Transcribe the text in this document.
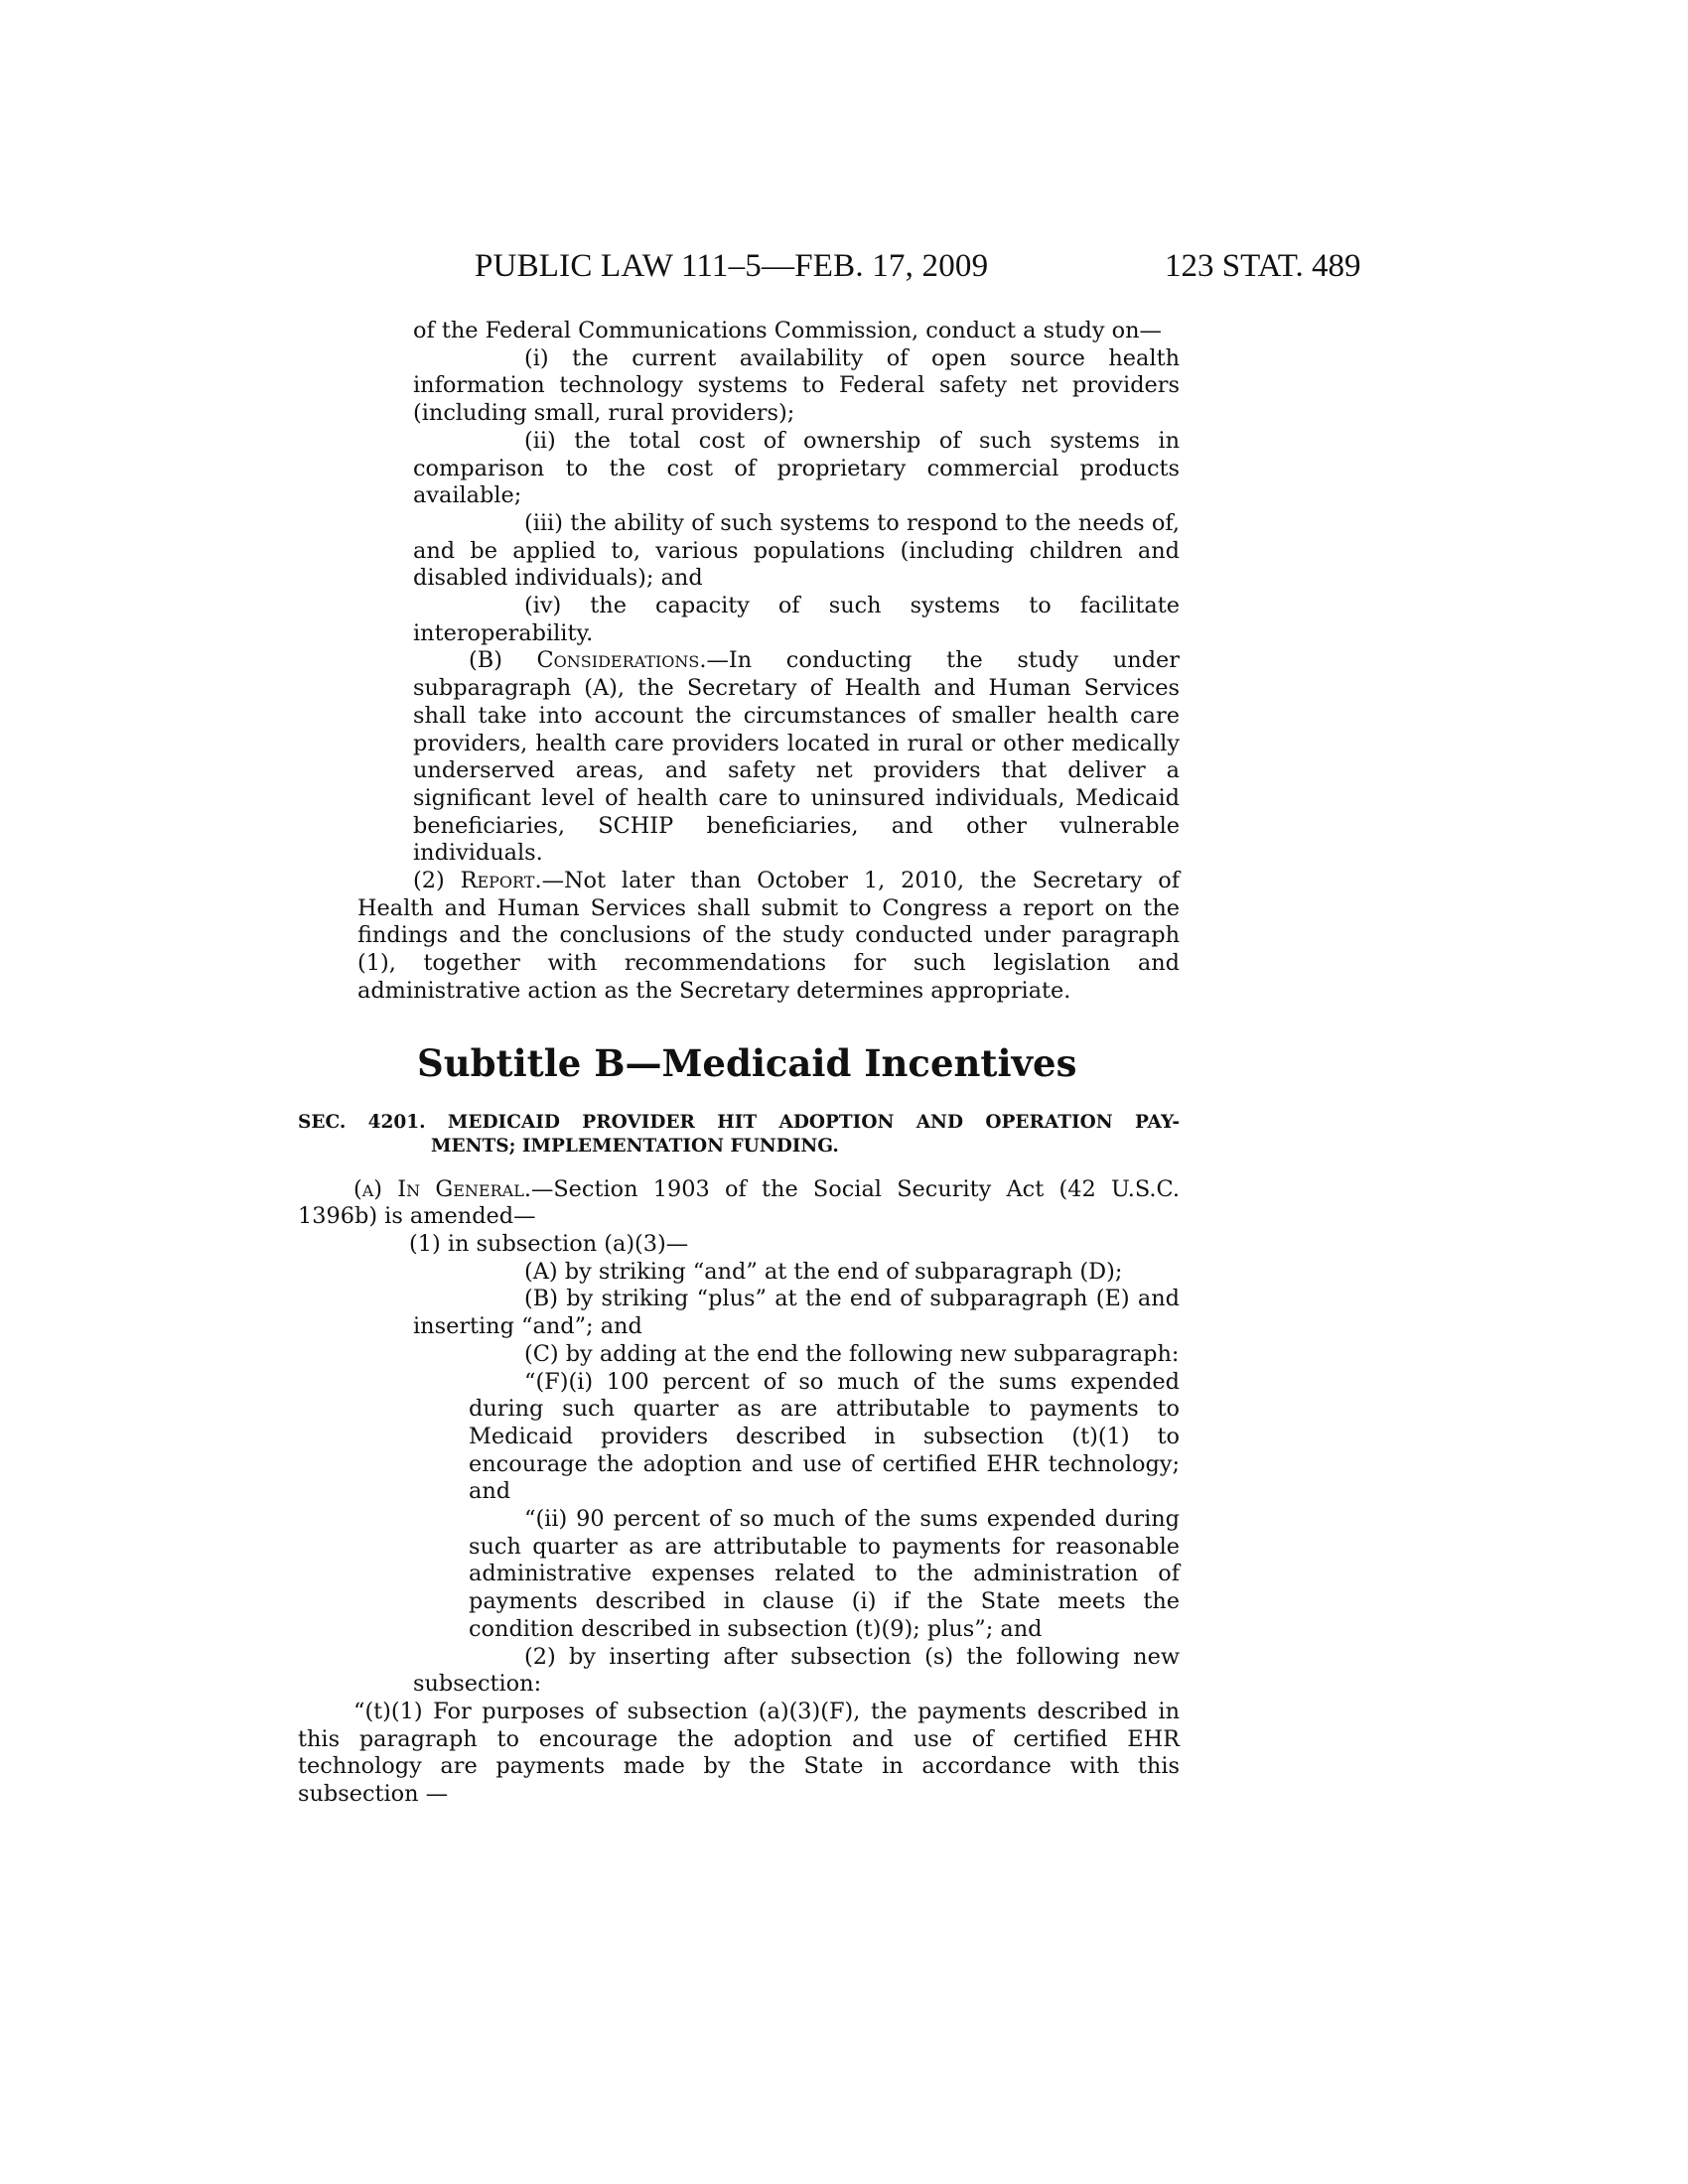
PUBLIC LAW 111–5—FEB. 17, 2009	123 STAT. 489

of the Federal Communications Commission, conduct a study on—

(i) the current availability of open source health information technology systems to Federal safety net providers (including small, rural providers);

(ii) the total cost of ownership of such systems in comparison to the cost of proprietary commercial products available;

(iii) the ability of such systems to respond to the needs of, and be applied to, various populations (including children and disabled individuals); and

(iv) the capacity of such systems to facilitate interoperability.

(B) Considerations.—In conducting the study under subparagraph (A), the Secretary of Health and Human Services shall take into account the circumstances of smaller health care providers, health care providers located in rural or other medically underserved areas, and safety net providers that deliver a significant level of health care to uninsured individuals, Medicaid beneficiaries, SCHIP beneficiaries, and other vulnerable individuals.

(2) Report.—Not later than October 1, 2010, the Secretary of Health and Human Services shall submit to Congress a report on the findings and the conclusions of the study conducted under paragraph (1), together with recommendations for such legislation and administrative action as the Secretary determines appropriate.

Subtitle B—Medicaid Incentives
SEC. 4201. MEDICAID PROVIDER HIT ADOPTION AND OPERATION PAY-
MENTS; IMPLEMENTATION FUNDING.

(a) In General.—Section 1903 of the Social Security Act (42 U.S.C. 1396b) is amended—

(1) in subsection (a)(3)—

(A) by striking “and” at the end of subparagraph (D);

(B) by striking “plus” at the end of subparagraph (E) and inserting “and”; and

(C) by adding at the end the following new subparagraph:

“(F)(i) 100 percent of so much of the sums expended during such quarter as are attributable to payments to Medicaid providers described in subsection (t)(1) to encourage the adoption and use of certified EHR technology; and

“(ii) 90 percent of so much of the sums expended during such quarter as are attributable to payments for reasonable administrative expenses related to the administration of payments described in clause (i) if the State meets the condition described in subsection (t)(9); plus”; and

(2) by inserting after subsection (s) the following new subsection:

“(t)(1) For purposes of subsection (a)(3)(F), the payments described in this paragraph to encourage the adoption and use of certified EHR technology are payments made by the State in accordance with this subsection —
